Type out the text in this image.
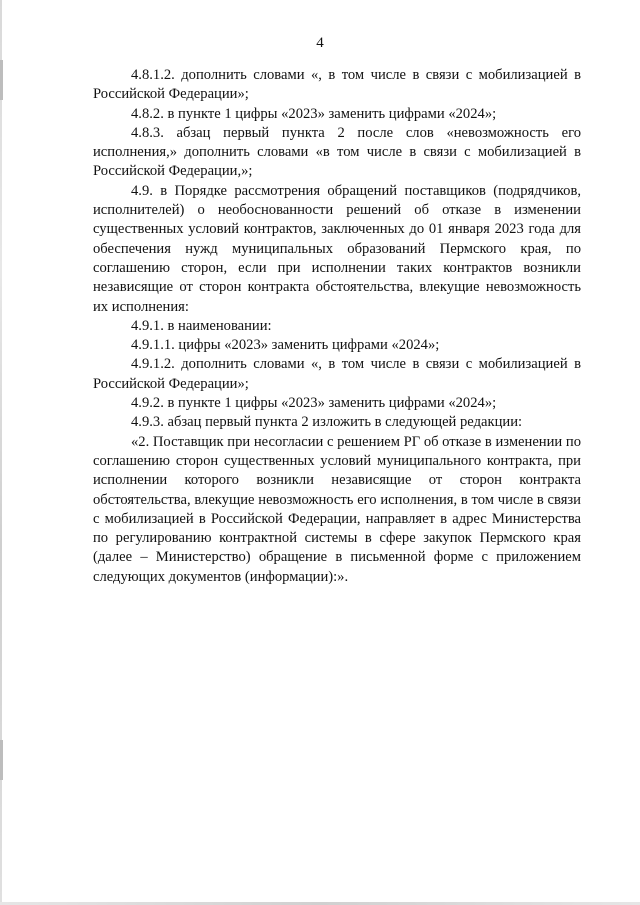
4

4.8.1.2. дополнить словами «, в том числе в связи с мобилизацией в Российской Федерации»;

4.8.2. в пункте 1 цифры «2023» заменить цифрами «2024»;

4.8.3. абзац первый пункта 2 после слов «невозможность его исполнения,» дополнить словами «в том числе в связи с мобилизацией в Российской Федерации,»;

4.9. в Порядке рассмотрения обращений поставщиков (подрядчиков, исполнителей) о необоснованности решений об отказе в изменении существенных условий контрактов, заключенных до 01 января 2023 года для обеспечения нужд муниципальных образований Пермского края, по соглашению сторон, если при исполнении таких контрактов возникли независящие от сторон контракта обстоятельства, влекущие невозможность их исполнения:

4.9.1. в наименовании:

4.9.1.1. цифры «2023» заменить цифрами «2024»;

4.9.1.2. дополнить словами «, в том числе в связи с мобилизацией в Российской Федерации»;

4.9.2. в пункте 1 цифры «2023» заменить цифрами «2024»;

4.9.3. абзац первый пункта 2 изложить в следующей редакции:

«2. Поставщик при несогласии с решением РГ об отказе в изменении по соглашению сторон существенных условий муниципального контракта, при исполнении которого возникли независящие от сторон контракта обстоятельства, влекущие невозможность его исполнения, в том числе в связи с мобилизацией в Российской Федерации, направляет в адрес Министерства по регулированию контрактной системы в сфере закупок Пермского края (далее – Министерство) обращение в письменной форме с приложением следующих документов (информации):».
